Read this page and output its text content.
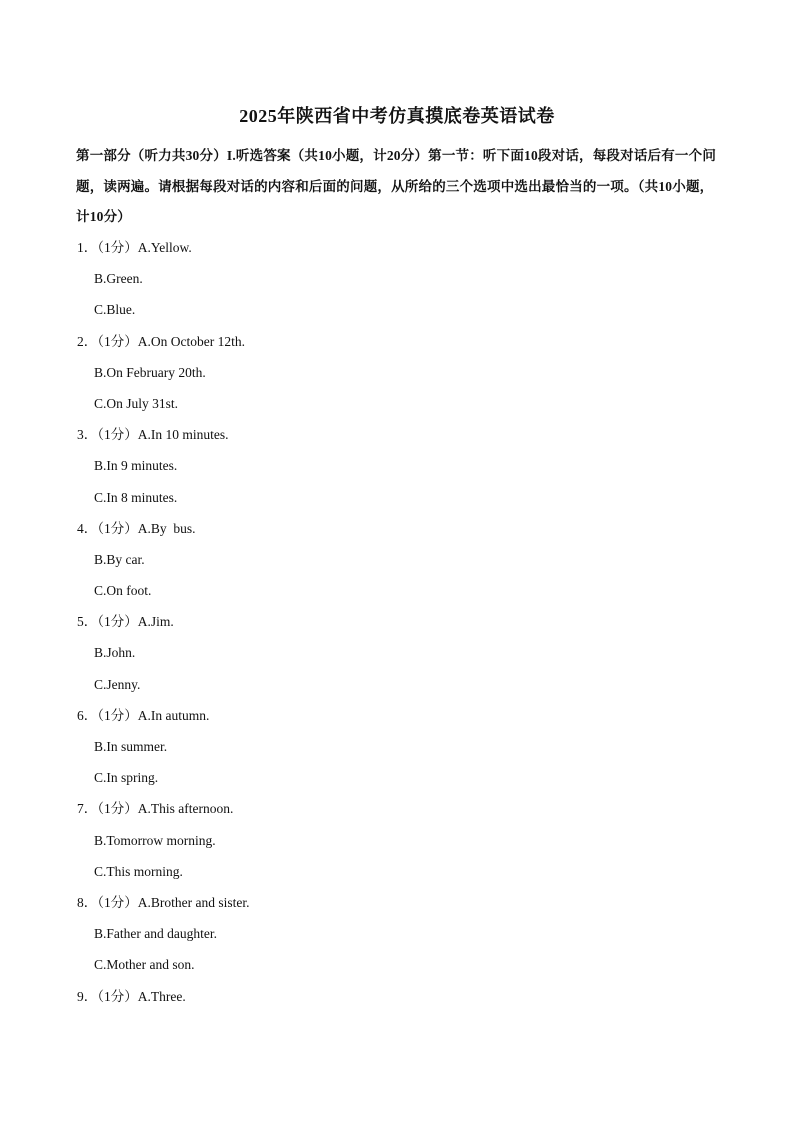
2025年陕西省中考仿真摸底卷英语试卷
第一部分（听力共30分）I.听选答案（共10小题，计20分）第一节：听下面10段对话，每段对话后有一个问题，读两遍。请根据每段对话的内容和后面的问题，从所给的三个选项中选出最恰当的一项。（共10小题，计10分）
1．（1分）A.Yellow.
B.Green.
C.Blue.
2．（1分）A.On October 12th.
B.On February 20th.
C.On July 31st.
3．（1分）A.In 10 minutes.
B.In 9 minutes.
C.In 8 minutes.
4．（1分）A.By  bus.
B.By car.
C.On foot.
5．（1分）A.Jim.
B.John.
C.Jenny.
6．（1分）A.In autumn.
B.In summer.
C.In spring.
7．（1分）A.This afternoon.
B.Tomorrow morning.
C.This morning.
8．（1分）A.Brother and sister.
B.Father and daughter.
C.Mother and son.
9．（1分）A.Three.
